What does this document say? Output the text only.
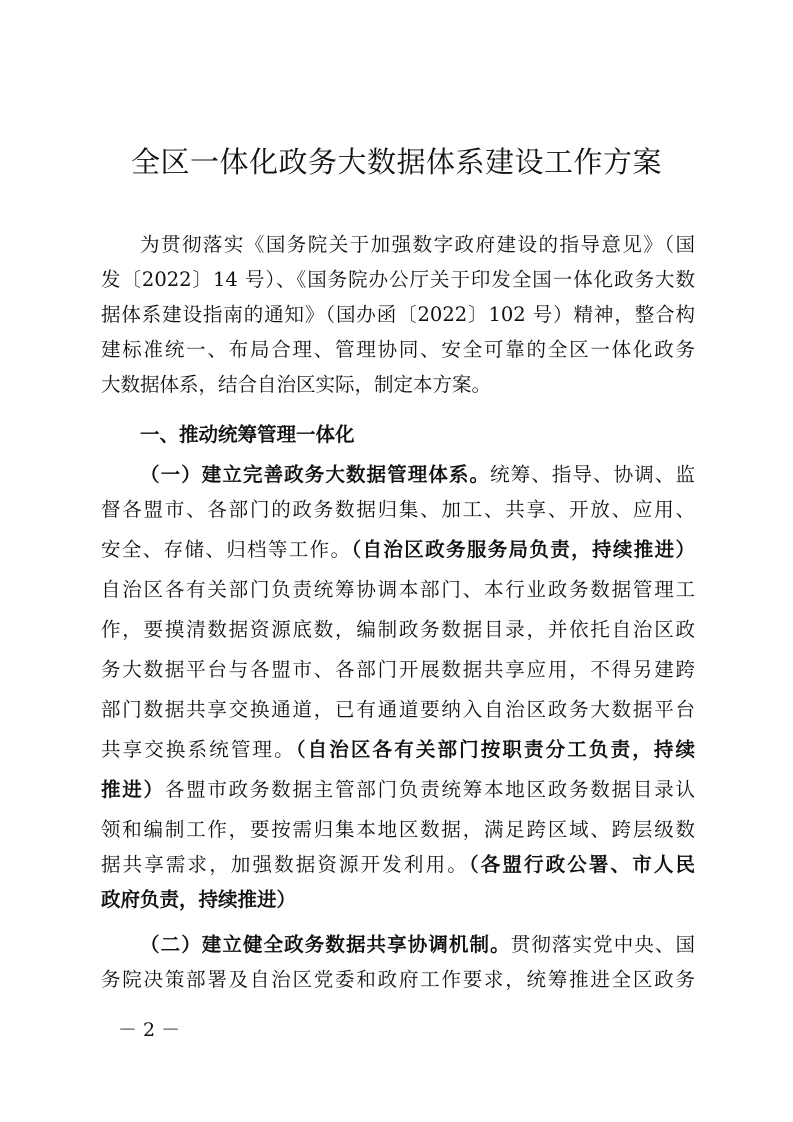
全区一体化政务大数据体系建设工作方案
为贯彻落实《国务院关于加强数字政府建设的指导意见》（国
发〔2022〕14 号）、《国务院办公厅关于印发全国一体化政务大数
据体系建设指南的通知》（国办函〔2022〕102 号）精神，整合构
建标准统一、布局合理、管理协同、安全可靠的全区一体化政务
大数据体系，结合自治区实际，制定本方案。
一、推动统筹管理一体化
（一）建立完善政务大数据管理体系。统筹、指导、协调、监
督各盟市、各部门的政务数据归集、加工、共享、开放、应用、
安全、存储、归档等工作。（自治区政务服务局负责，持续推进）
自治区各有关部门负责统筹协调本部门、本行业政务数据管理工
作，要摸清数据资源底数，编制政务数据目录，并依托自治区政
务大数据平台与各盟市、各部门开展数据共享应用，不得另建跨
部门数据共享交换通道，已有通道要纳入自治区政务大数据平台
共享交换系统管理。（自治区各有关部门按职责分工负责，持续
推进）各盟市政务数据主管部门负责统筹本地区政务数据目录认
领和编制工作，要按需归集本地区数据，满足跨区域、跨层级数
据共享需求，加强数据资源开发利用。（各盟行政公署、市人民
政府负责，持续推进）
（二）建立健全政务数据共享协调机制。贯彻落实党中央、国
务院决策部署及自治区党委和政府工作要求，统筹推进全区政务
－ 2 －
